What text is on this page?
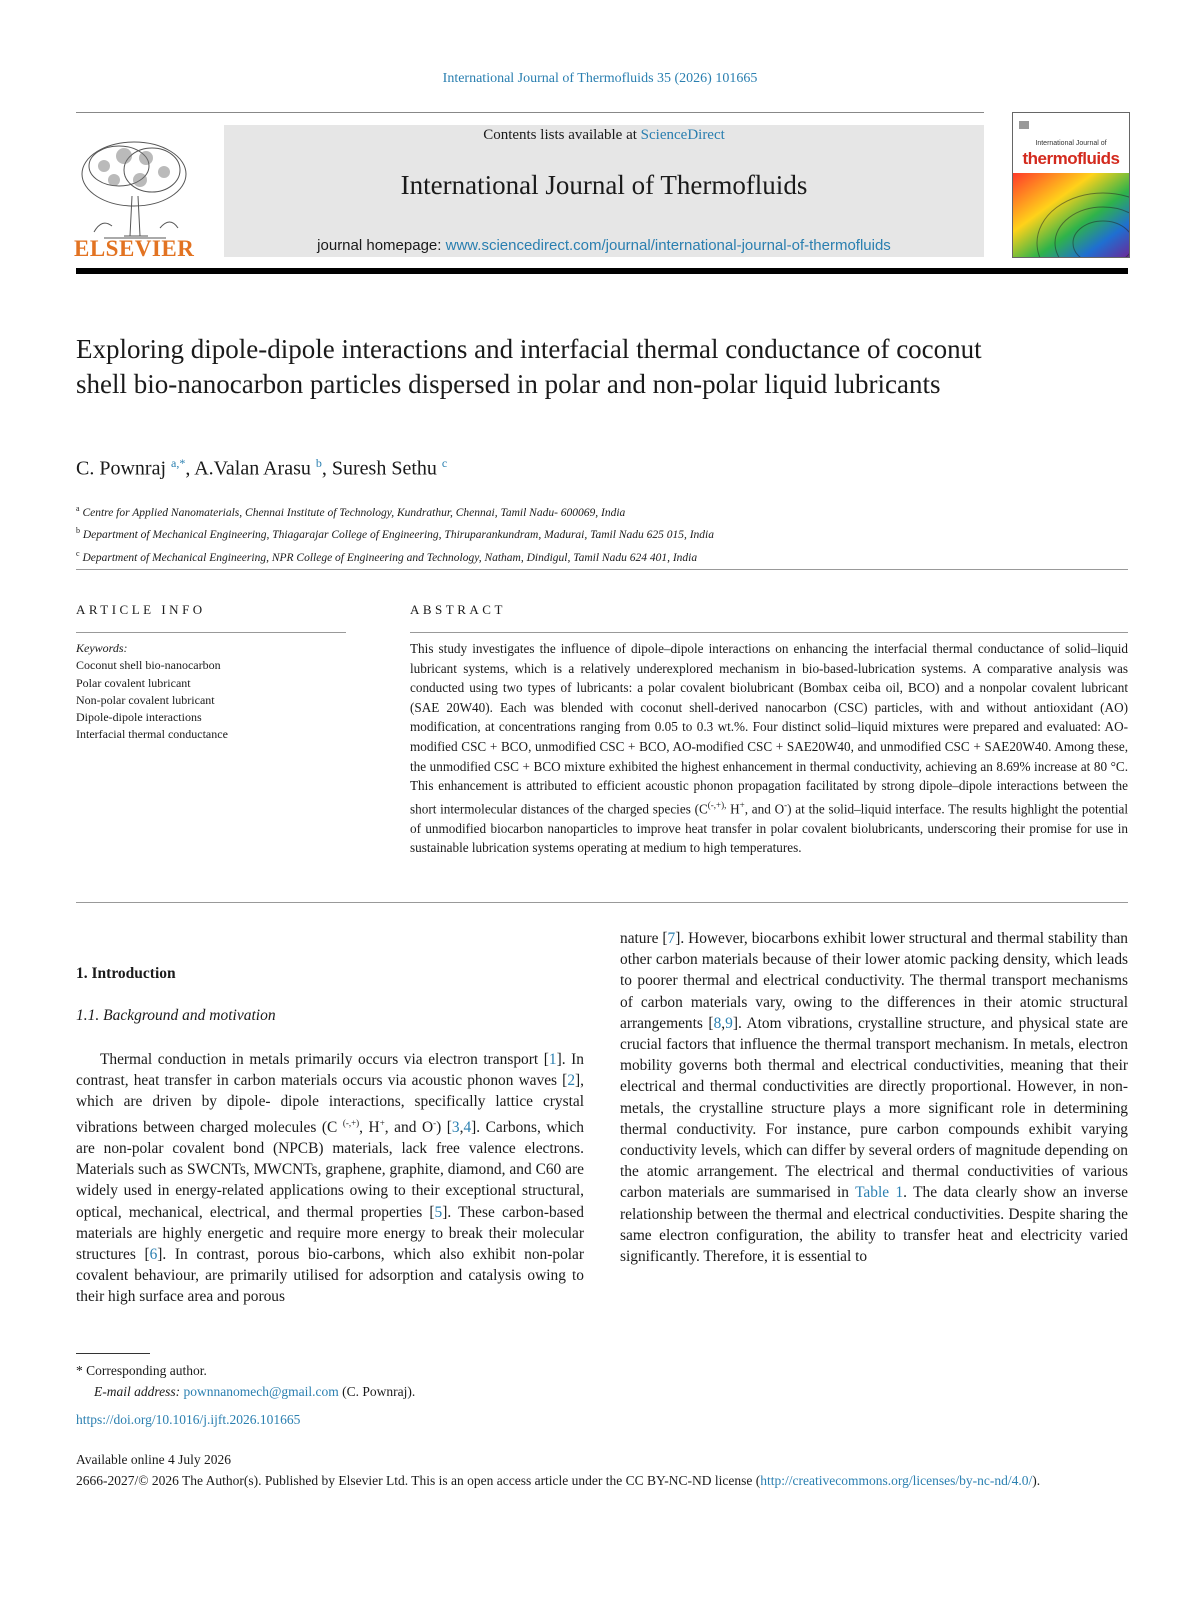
International Journal of Thermofluids 35 (2026) 101665
ELSEVIER
Contents lists available at ScienceDirect
International Journal of Thermofluids
journal homepage: www.sciencedirect.com/journal/international-journal-of-thermofluids
International Journal of
thermofluids
Exploring dipole-dipole interactions and interfacial thermal conductance of coconut shell bio-nanocarbon particles dispersed in polar and non-polar liquid lubricants
C. Pownraj $^{a,*}$, A.Valan Arasu $^b$, Suresh Sethu $^c$
$^a$ Centre for Applied Nanomaterials, Chennai Institute of Technology, Kundrathur, Chennai, Tamil Nadu- 600069, India
$^b$ Department of Mechanical Engineering, Thiagarajar College of Engineering, Thiruparankundram, Madurai, Tamil Nadu 625 015, India
$^c$ Department of Mechanical Engineering, NPR College of Engineering and Technology, Natham, Dindigul, Tamil Nadu 624 401, India
ARTICLE INFO
Keywords:
Coconut shell bio-nanocarbon
Polar covalent lubricant
Non-polar covalent lubricant
Dipole-dipole interactions
Interfacial thermal conductance
ABSTRACT
This study investigates the influence of dipole–dipole interactions on enhancing the interfacial thermal conductance of solid–liquid lubricant systems, which is a relatively underexplored mechanism in bio-based-lubrication systems. A comparative analysis was conducted using two types of lubricants: a polar covalent biolubricant (Bombax ceiba oil, BCO) and a nonpolar covalent lubricant (SAE 20W40). Each was blended with coconut shell-derived nanocarbon (CSC) particles, with and without antioxidant (AO) modification, at concentrations ranging from 0.05 to 0.3 wt.%. Four distinct solid–liquid mixtures were prepared and evaluated: AO-modified CSC + BCO, unmodified CSC + BCO, AO-modified CSC + SAE20W40, and unmodified CSC + SAE20W40. Among these, the unmodified CSC + BCO mixture exhibited the highest enhancement in thermal conductivity, achieving an 8.69% increase at 80 °C. This enhancement is attributed to efficient acoustic phonon propagation facilitated by strong dipole–dipole interactions between the short intermolecular distances of the charged species (C(-,+), H+, and O-) at the solid–liquid interface. The results highlight the potential of unmodified biocarbon nanoparticles to improve heat transfer in polar covalent biolubricants, underscoring their promise for use in sustainable lubrication systems operating at medium to high temperatures.
1. Introduction
1.1. Background and motivation
Thermal conduction in metals primarily occurs via electron transport [1]. In contrast, heat transfer in carbon materials occurs via acoustic phonon waves [2], which are driven by dipole- dipole interactions, specifically lattice crystal vibrations between charged molecules (C (-,+), H+, and O-) [3,4]. Carbons, which are non-polar covalent bond (NPCB) materials, lack free valence electrons. Materials such as SWCNTs, MWCNTs, graphene, graphite, diamond, and C60 are widely used in energy-related applications owing to their exceptional structural, optical, mechanical, electrical, and thermal properties [5]. These carbon-based materials are highly energetic and require more energy to break their molecular structures [6]. In contrast, porous bio-carbons, which also exhibit non-polar covalent behaviour, are primarily utilised for adsorption and catalysis owing to their high surface area and porous
nature [7]. However, biocarbons exhibit lower structural and thermal stability than other carbon materials because of their lower atomic packing density, which leads to poorer thermal and electrical conductivity. The thermal transport mechanisms of carbon materials vary, owing to the differences in their atomic structural arrangements [8,9]. Atom vibrations, crystalline structure, and physical state are crucial factors that influence the thermal transport mechanism. In metals, electron mobility governs both thermal and electrical conductivities, meaning that their electrical and thermal conductivities are directly proportional. However, in non-metals, the crystalline structure plays a more significant role in determining thermal conductivity. For instance, pure carbon compounds exhibit varying conductivity levels, which can differ by several orders of magnitude depending on the atomic arrangement. The electrical and thermal conductivities of various carbon materials are summarised in Table 1. The data clearly show an inverse relationship between the thermal and electrical conductivities. Despite sharing the same electron configuration, the ability to transfer heat and electricity varied significantly. Therefore, it is essential to
* Corresponding author.
E-mail address: pownnanomech@gmail.com (C. Pownraj).
https://doi.org/10.1016/j.ijft.2026.101665
Available online 4 July 2026
2666-2027/© 2026 The Author(s). Published by Elsevier Ltd. This is an open access article under the CC BY-NC-ND license (http://creativecommons.org/licenses/by-nc-nd/4.0/).
